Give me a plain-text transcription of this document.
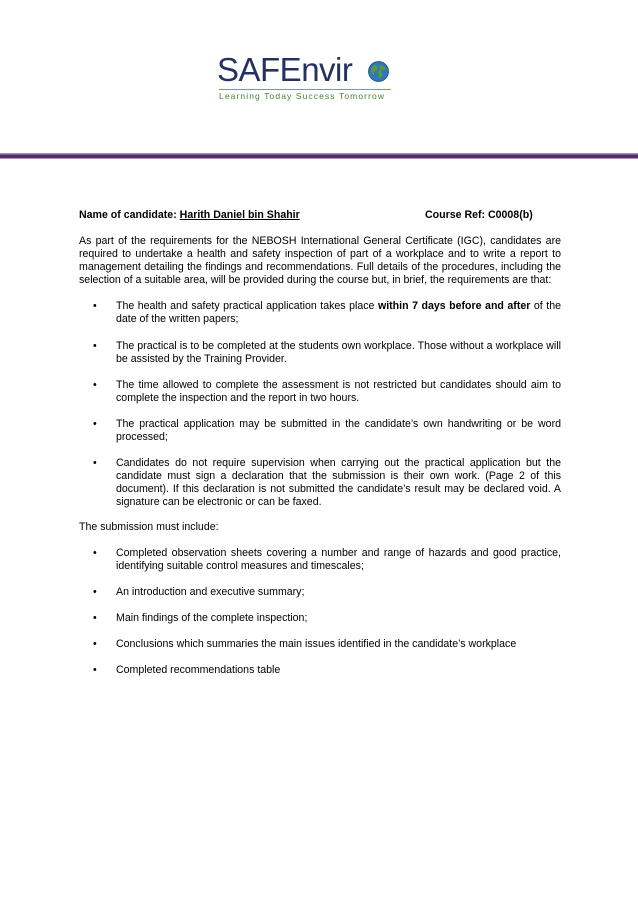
SAFEnvir
Learning Today Success Tomorrow
Name of candidate: Harith Daniel bin Shahir	Course Ref: C0008(b)

As part of the requirements for the NEBOSH International General Certificate (IGC), candidates are required to undertake a health and safety inspection of part of a workplace and to write a report to management detailing the findings and recommendations. Full details of the procedures, including the selection of a suitable area, will be provided during the course but, in brief, the requirements are that:

• The health and safety practical application takes place within 7 days before and after of the date of the written papers;
• The practical is to be completed at the students own workplace. Those without a workplace will be assisted by the Training Provider.
• The time allowed to complete the assessment is not restricted but candidates should aim to complete the inspection and the report in two hours.
• The practical application may be submitted in the candidate’s own handwriting or be word processed;
• Candidates do not require supervision when carrying out the practical application but the candidate must sign a declaration that the submission is their own work. (Page 2 of this document). If this declaration is not submitted the candidate’s result may be declared void. A signature can be electronic or can be faxed.

The submission must include:

• Completed observation sheets covering a number and range of hazards and good practice, identifying suitable control measures and timescales;
• An introduction and executive summary;
• Main findings of the complete inspection;
• Conclusions which summaries the main issues identified in the candidate’s workplace
• Completed recommendations table
